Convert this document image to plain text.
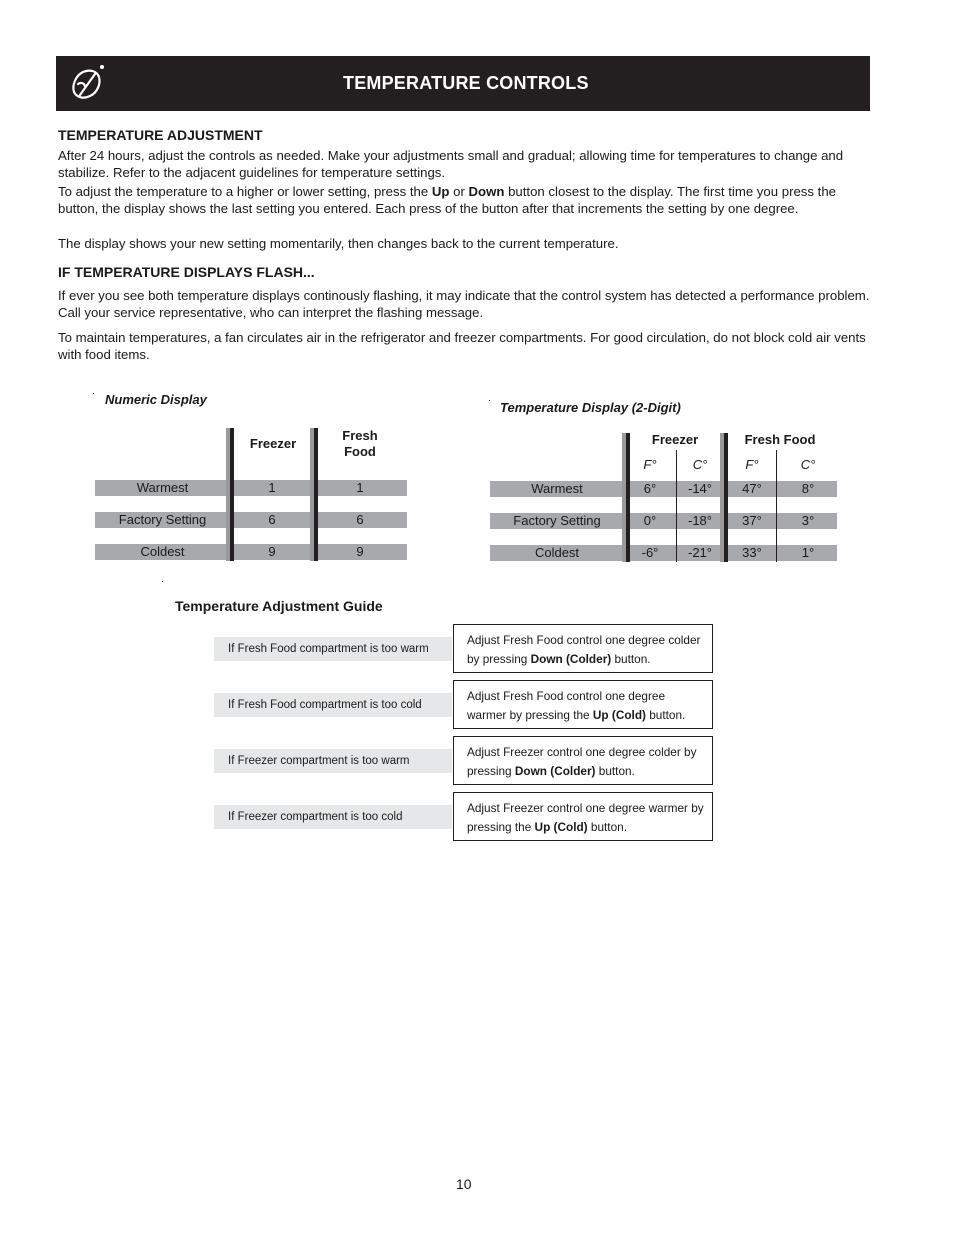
TEMPERATURE CONTROLS
TEMPERATURE ADJUSTMENT

After 24 hours, adjust the controls as needed. Make your adjustments small and gradual; allowing time for temperatures to change and stabilize. Refer to the adjacent guidelines for temperature settings.

To adjust the temperature to a higher or lower setting, press the Up or Down button closest to the display. The first time you press the button, the display shows the last setting you entered. Each press of the button after that increments the setting by one degree.

The display shows your new setting momentarily, then changes back to the current temperature.

IF TEMPERATURE DISPLAYS FLASH...

If ever you see both temperature displays continously flashing, it may indicate that the control system has detected a performance problem. Call your service representative, who can interpret the flashing message.

To maintain temperatures, a fan circulates air in the refrigerator and freezer compartments. For good circulation, do not block cold air vents with food items.

Numeric Display
Freezer
Fresh
Food
Warmest	1	1
Factory Setting	6	6
Coldest	9	9
Temperature Display (2-Digit)
Freezer	Fresh Food
F°	C°	F°	C°
Warmest	6°	-14°	47°	8°
Factory Setting	0°	-18°	37°	3°
Coldest	-6°	-21°	33°	1°
Temperature Adjustment Guide
If Fresh Food compartment is too warm
Adjust Fresh Food control one degree colder by pressing Down (Colder) button.
If Fresh Food compartment is too cold
Adjust Fresh Food control one degree warmer by pressing the Up (Cold) button.
If Freezer compartment is too warm
Adjust Freezer control one degree colder by pressing Down (Colder) button.
If Freezer compartment is too cold
Adjust Freezer control one degree warmer by pressing the Up (Cold) button.
10
